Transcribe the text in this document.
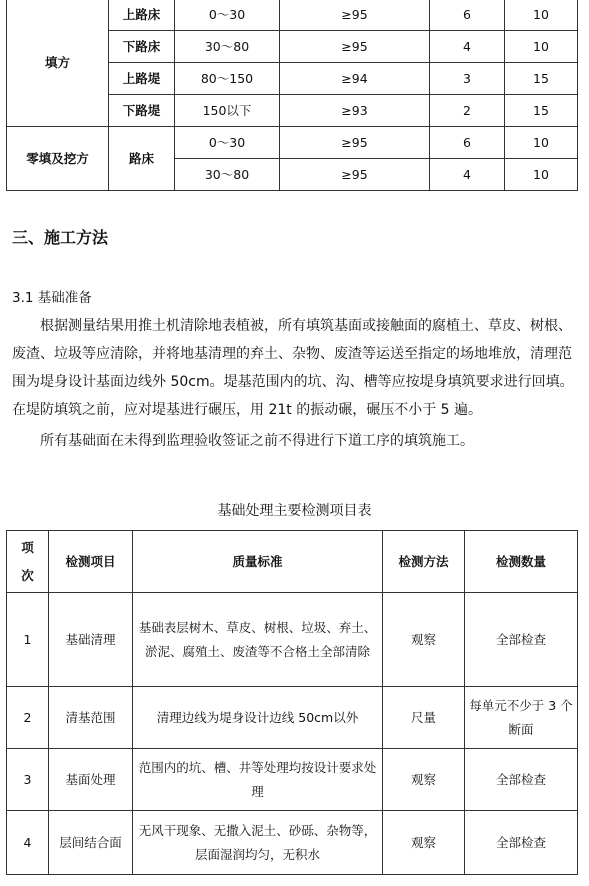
填方	上路床	0～30	≥95	6	10
	下路床	30～80	≥95	4	10
	上路堤	80～150	≥94	3	15
	下路堤	150以下	≥93	2	15
零填及挖方	路床	0～30	≥95	6	10
		30～80	≥95	4	10
三、施工方法
3.1 基础准备

根据测量结果用推土机清除地表植被，所有填筑基面或接触面的腐植土、草皮、树根、废渣、垃圾等应清除，并将地基清理的弃土、杂物、废渣等运送至指定的场地堆放，清理范围为堤身设计基面边线外 50cm。堤基范围内的坑、沟、槽等应按堤身填筑要求进行回填。在堤防填筑之前，应对堤基进行碾压，用 21t 的振动碾，碾压不小于 5 遍。

所有基础面在未得到监理验收签证之前不得进行下道工序的填筑施工。

基础处理主要检测项目表
项次	检测项目	质量标准	检测方法	检测数量
1	基础清理	基础表层树木、草皮、树根、垃圾、弃土、淤泥、腐殖土、废渣等不合格土全部清除	观察	全部检查
2	清基范围	清理边线为堤身设计边线 50cm以外	尺量	每单元不少于 3 个断面
3	基面处理	范围内的坑、槽、井等处理均按设计要求处理	观察	全部检查
4	层间结合面	无风干现象、无撒入泥土、砂砾、杂物等，层面湿润均匀，无积水	观察	全部检查
